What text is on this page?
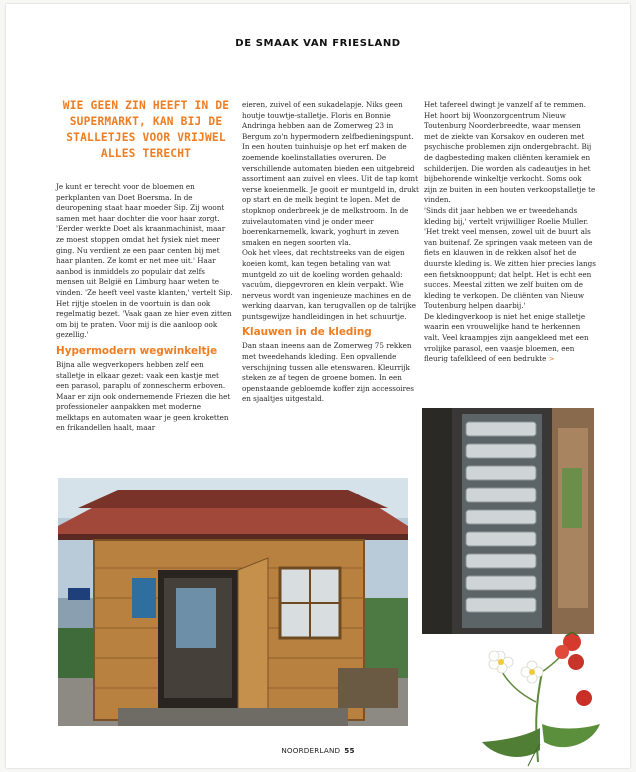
DE SMAAK VAN FRIESLAND
WIE GEEN ZIN HEEFT IN DE SUPERMARKT, KAN BIJ DE STALLETJES VOOR VRIJWEL ALLES TERECHT

Je kunt er terecht voor de bloemen en perkplanten van Doet Boersma. In de deuropening staat haar moeder Sip. Zij woont samen met haar dochter die voor haar zorgt. 'Eerder werkte Doet als kraanmachinist, maar ze moest stoppen omdat het fysiek niet meer ging. Nu verdient ze een paar centen bij met haar planten. Ze komt er net mee uit.' Haar aanbod is inmiddels zo populair dat zelfs mensen uit België en Limburg haar weten te vinden. 'Ze heeft veel vaste klanten,' vertelt Sip. Het rijtje stoelen in de voortuin is dan ook regelmatig bezet. 'Vaak gaan ze hier even zitten om bij te praten. Voor mij is die aanloop ook gezellig.'

Hypermodern wegwinkeltje

Bijna alle wegverkopers hebben zelf een stalletje in elkaar gezet: vaak een kastje met een parasol, paraplu of zonnescherm erboven. Maar er zijn ook ondernemende Friezen die het professioneler aanpakken met moderne melktaps en automaten waar je geen kroketten en frikandellen haalt, maar

eieren, zuivel of een sukadelapje. Niks geen houtje touwtje-stalletje. Floris en Bonnie Andringa hebben aan de Zomerweg 23 in Bergum zo'n hypermodern zelfbedieningspunt. In een houten tuinhuisje op het erf maken de zoemende koelinstallaties overuren. De verschillende automaten bieden een uitgebreid assortiment aan zuivel en vlees. Uit de tap komt verse koeienmelk. Je gooit er muntgeld in, drukt op start en de melk begint te lopen. Met de stopknop onderbreek je de melkstroom. In de zuivelautomaten vind je onder meer boerenkarnemelk, kwark, yoghurt in zeven smaken en negen soorten vla.

Ook het vlees, dat rechtstreeks van de eigen koeien komt, kan tegen betaling van wat muntgeld zo uit de koeling worden gehaald: vacuüm, diepgevroren en klein verpakt. Wie nerveus wordt van ingenieuze machines en de werking daarvan, kan terugvallen op de talrijke puntsgewijze handleidingen in het schuurtje.

Klauwen in de kleding

Dan staan ineens aan de Zomerweg 75 rekken met tweedehands kleding. Een opvallende verschijning tussen alle etenswaren. Kleurrijk steken ze af tegen de groene bomen. In een openstaande gebloemde koffer zijn accessoires en sjaaltjes uitgestald.

Het tafereel dwingt je vanzelf af te remmen. Het hoort bij Woonzorgcentrum Nieuw Toutenburg Noorderbreedte, waar mensen met de ziekte van Korsakov en ouderen met psychische problemen zijn ondergebracht. Bij de dagbesteding maken cliënten keramiek en schilderijen. Die worden als cadeautjes in het bijbehorende winkeltje verkocht. Soms ook zijn ze buiten in een houten verkoopstalletje te vinden.

'Sinds dit jaar hebben we er tweedehands kleding bij,' vertelt vrijwilliger Roelie Muller. 'Het trekt veel mensen, zowel uit de buurt als van buitenaf. Ze springen vaak meteen van de fiets en klauwen in de rekken alsof het de duurste kleding is. We zitten hier precies langs een fietsknooppunt; dat helpt. Het is echt een succes. Meestal zitten we zelf buiten om de kleding te verkopen. De cliënten van Nieuw Toutenburg helpen daarbij.'

De kledingverkoop is niet het enige stalletje waarin een vrouwelijke hand te herkennen valt. Veel kraampjes zijn aangekleed met een vrolijke parasol, een vaasje bloemen, een fleurig tafelkleed of een bedrukte >

NOORDERLAND 55
